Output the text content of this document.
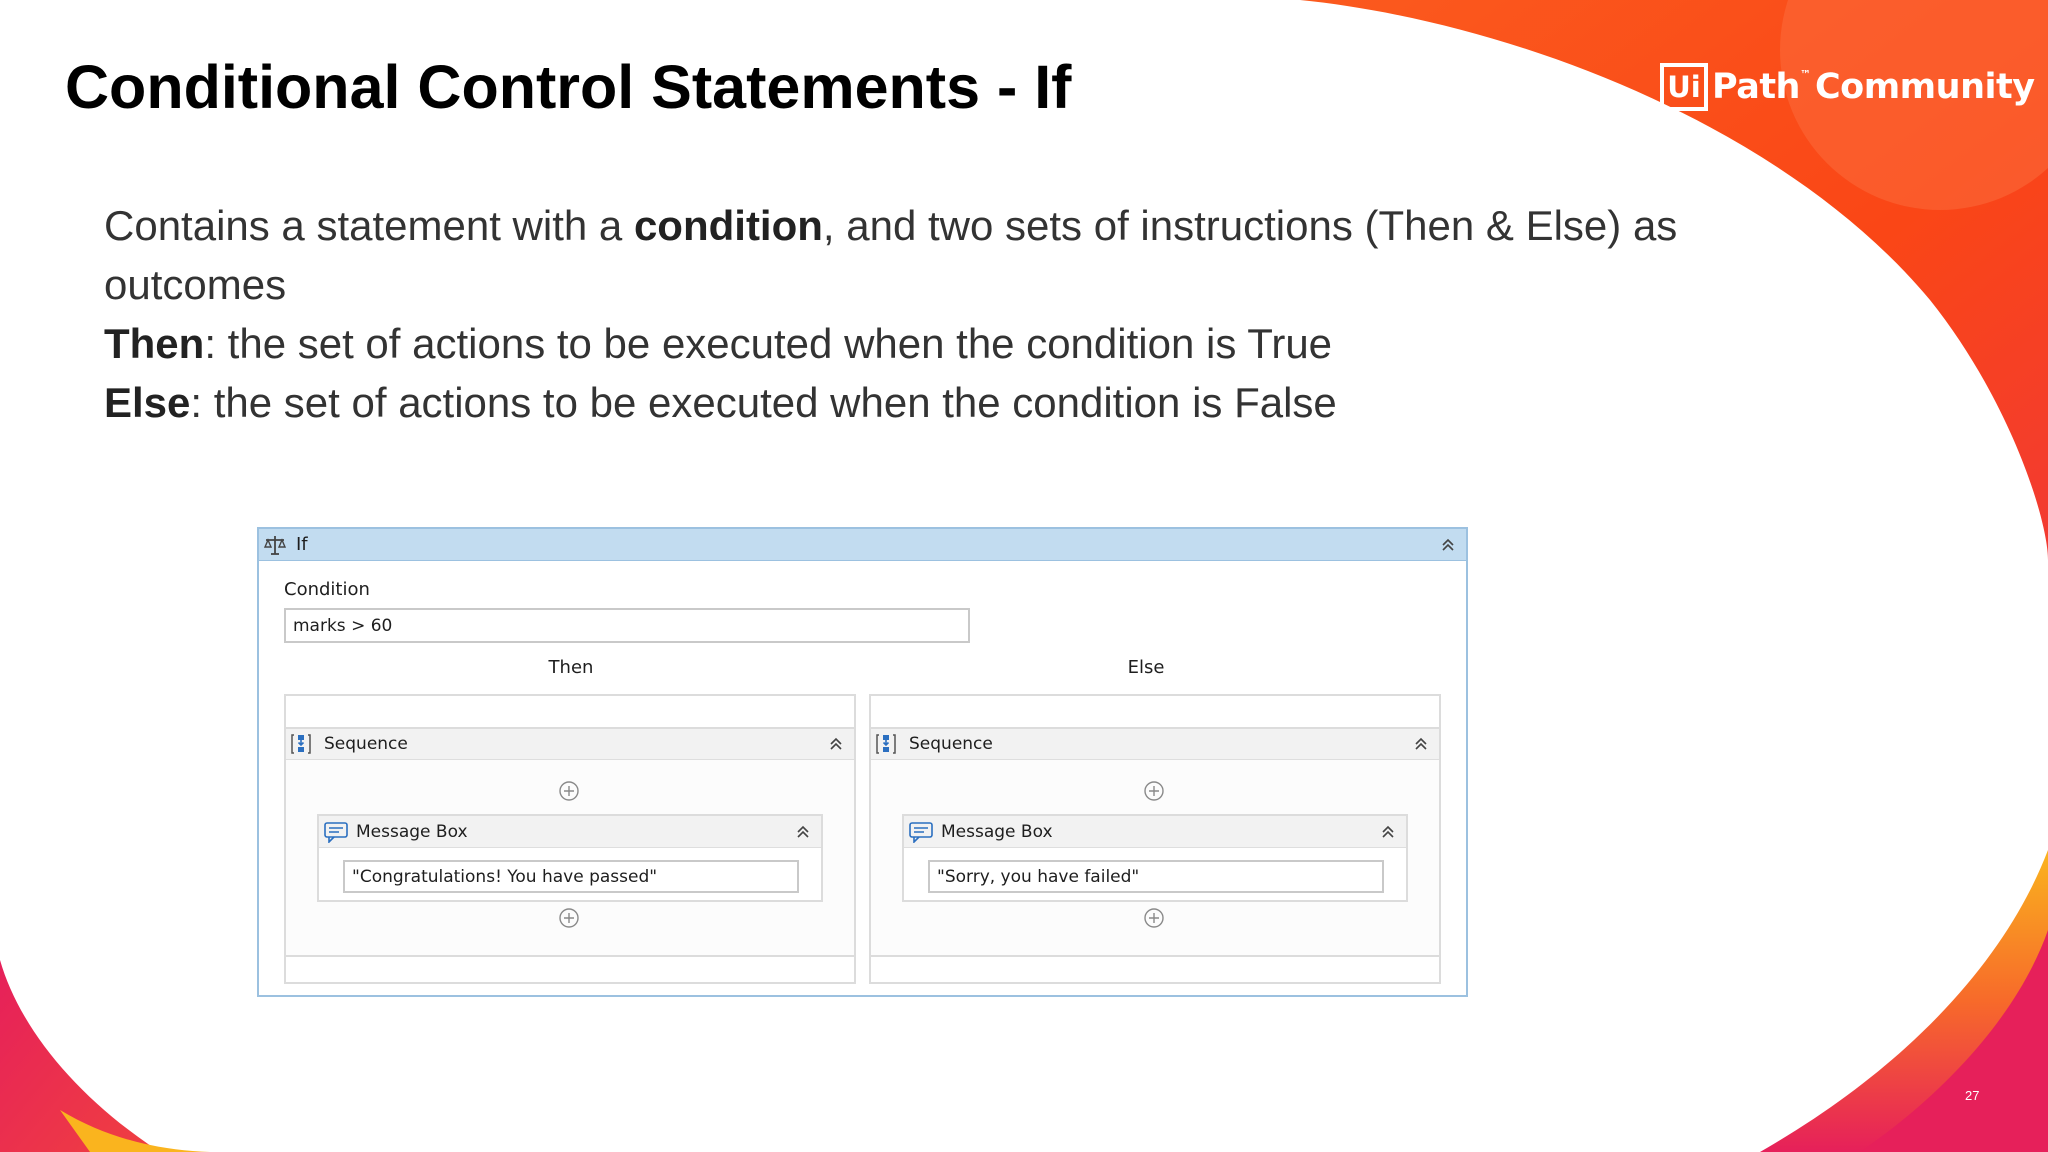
Conditional Control Statements - If	Ui Path ™ Community
Contains a statement with a condition, and two sets of instructions (Then & Else) as
outcomes
Then: the set of actions to be executed when the condition is True
Else: the set of actions to be executed when the condition is False
If
Condition
marks > 60
Then	Else
Sequence
Message Box
"Congratulations! You have passed"
Sequence
Message Box
"Sorry, you have failed"
27
